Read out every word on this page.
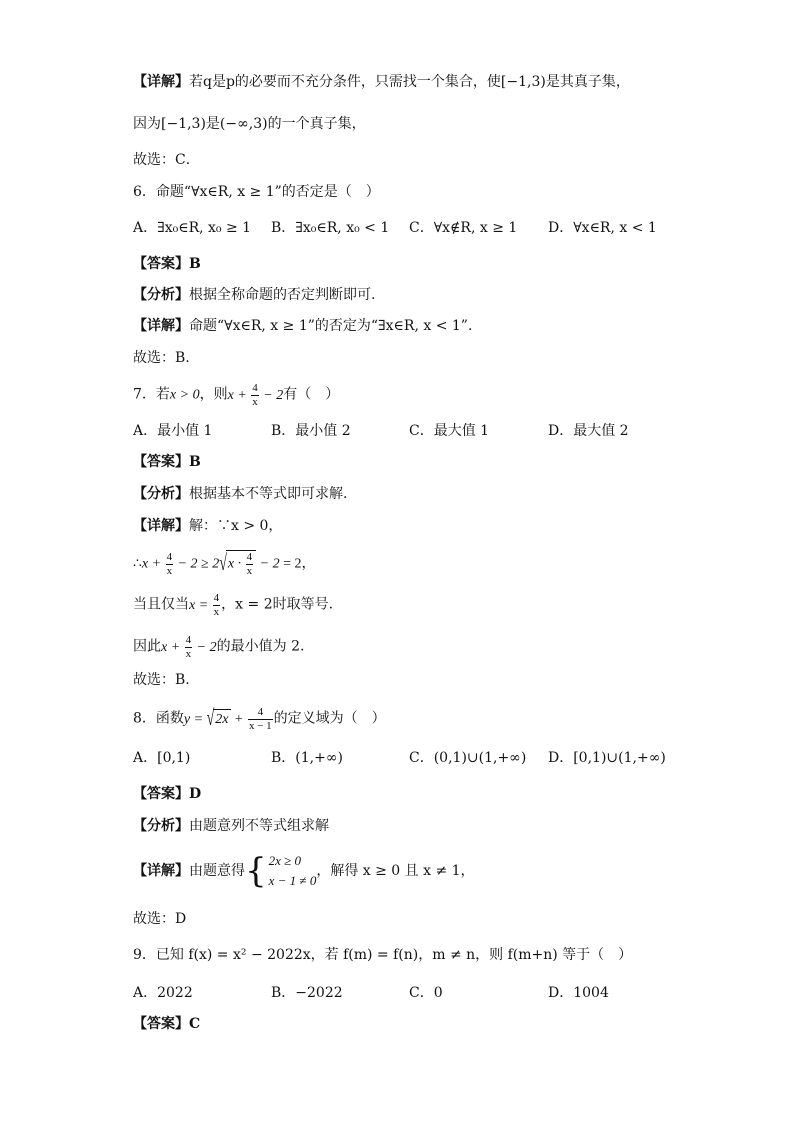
【详解】若q是p的必要而不充分条件，只需找一个集合，使[−1,3)是其真子集，
因为[−1,3)是(−∞,3)的一个真子集，
故选：C．
6．命题“∀x∈R, x ≥ 1”的否定是（　）
A．∃x₀∈R, x₀ ≥ 1 B．∃x₀∈R, x₀ < 1 C．∀x∉R, x ≥ 1 D．∀x∈R, x < 1
【答案】B
【分析】根据全称命题的否定判断即可.
【详解】命题“∀x∈R, x ≥ 1”的否定为“∃x∈R, x < 1”.
故选：B.
7．若x > 0，则$x + \frac{4}{x} - 2$有（　）
A．最小值 1	B．最小值 2	C．最大值 1	D．最大值 2
【答案】B
【分析】根据基本不等式即可求解.
【详解】解：∵x > 0，
∴x + $\frac{4}{x} - 2 \ge 2√x \cdot \frac{4}{x} - 2 = 2$，
当且仅当$x = \frac{4}{x}$ ，x = 2时取等号.
因此$x + \frac{4}{x} - 2$的最小值为 2.
故选：B.
8．函数$y = √2x + \frac{4}{x - 1}$ 的定义域为（　）
A．[0,1)	B．(1,+∞)	C．(0,1)∪(1,+∞) D．[0,1)∪(1,+∞)
【答案】D
【分析】由题意列不等式组求解
【详解】由题意得{ 2x ≥ 0
x − 1 ≠ 0
，解得 x ≥ 0 且 x ≠ 1，
故选：D
9．已知 f(x) = x² − 2022x，若 f(m) = f(n)，m ≠ n，则 f(m+n) 等于（　）
A．2022	B．−2022	C．0	D．1004
【答案】C
